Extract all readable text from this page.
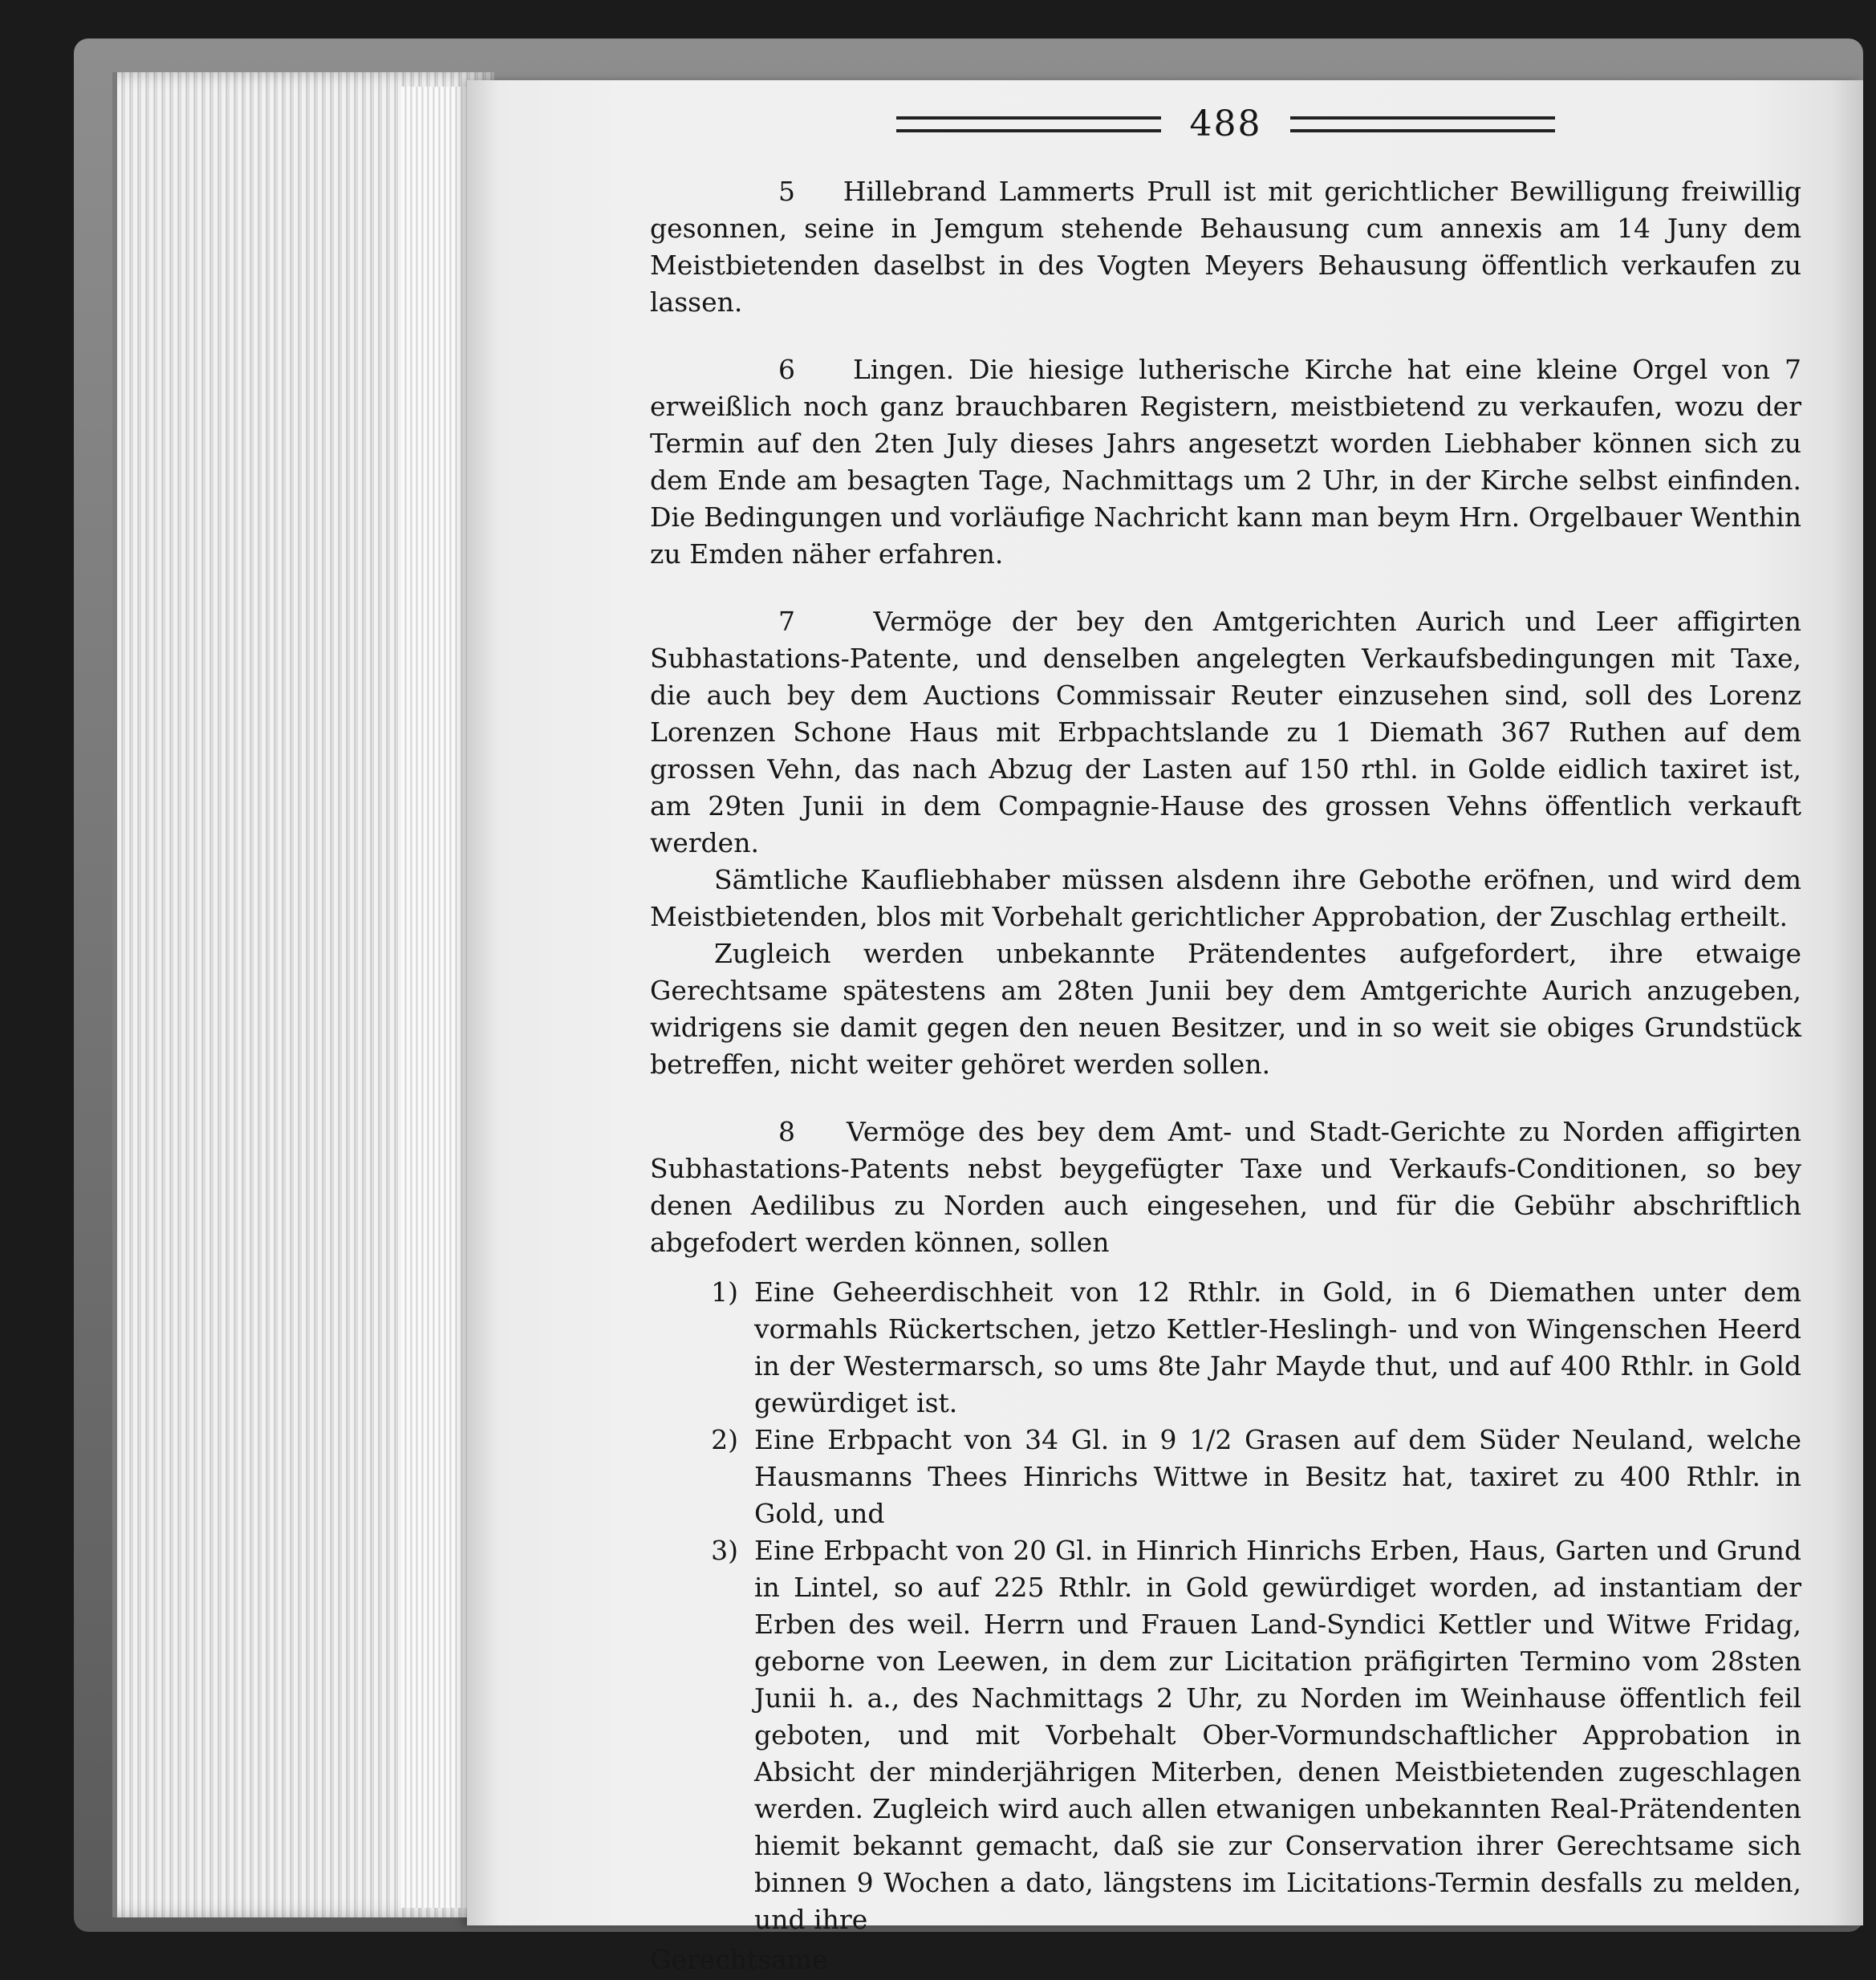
488

5 Hillebrand Lammerts Prull ist mit gerichtlicher Bewilligung freiwillig gesonnen, seine in Jemgum stehende Behausung cum annexis am 14 Juny dem Meistbietenden daselbst in des Vogten Meyers Behausung öffentlich verkaufen zu lassen.

6 Lingen. Die hiesige lutherische Kirche hat eine kleine Orgel von 7 erweißlich noch ganz brauchbaren Registern, meistbietend zu verkaufen, wozu der Termin auf den 2ten July dieses Jahrs angesetzt worden Liebhaber können sich zu dem Ende am besagten Tage, Nachmittags um 2 Uhr, in der Kirche selbst einfinden. Die Bedingungen und vorläufige Nachricht kann man beym Hrn. Orgelbauer Wenthin zu Emden näher erfahren.

7	Vermöge der bey den Amtgerichten Aurich und Leer affigirten Subhastations-Patente, und denselben angelegten Verkaufsbedingungen mit Taxe, die auch bey dem Auctions Commissair Reuter einzusehen sind, soll des Lorenz Lorenzen Schone Haus mit Erbpachtslande zu 1 Diemath 367 Ruthen auf dem grossen Vehn, das nach Abzug der Lasten auf 150 rthl. in Golde eidlich taxiret ist, am 29ten Junii in dem Compagnie-Hause des grossen Vehns öffentlich verkauft werden.

Sämtliche Kaufliebhaber müssen alsdenn ihre Gebothe eröfnen, und wird dem Meistbietenden, blos mit Vorbehalt gerichtlicher Approbation, der Zuschlag ertheilt.

Zugleich werden unbekannte Prätendentes aufgefordert, ihre etwaige Gerechtsame spätestens am 28ten Junii bey dem Amtgerichte Aurich anzugeben, widrigens sie damit gegen den neuen Besitzer, und in so weit sie obiges Grundstück betreffen, nicht weiter gehöret werden sollen.

8 Vermöge des bey dem Amt- und Stadt-Gerichte zu Norden affigirten Subhastations-Patents nebst beygefügter Taxe und Verkaufs-Conditionen, so bey denen Aedilibus zu Norden auch eingesehen, und für die Gebühr abschriftlich abgefodert werden können, sollen

1) Eine Geheerdischheit von 12 Rthlr. in Gold, in 6 Diemathen unter dem vormahls Rückertschen, jetzo Kettler-Heslingh- und von Wingenschen Heerd in der Westermarsch, so ums 8te Jahr Mayde thut, und auf 400 Rthlr. in Gold gewürdiget ist.
2) Eine Erbpacht von 34 Gl. in 9 1/2 Grasen auf dem Süder Neuland, welche Hausmanns Thees Hinrichs Wittwe in Besitz hat, taxiret zu 400 Rthlr. in Gold, und
3) Eine Erbpacht von 20 Gl. in Hinrich Hinrichs Erben, Haus, Garten und Grund in Lintel, so auf 225 Rthlr. in Gold gewürdiget worden, ad instantiam der Erben des weil. Herrn und Frauen Land-Syndici Kettler und Witwe Fridag, geborne von Leewen, in dem zur Licitation präfigirten Termino vom 28sten Junii h. a., des Nachmittags 2 Uhr, zu Norden im Weinhause öffentlich feil geboten, und mit Vorbehalt Ober-Vormundschaftlicher Approbation in Absicht der minderjährigen Miterben, denen Meistbietenden zugeschlagen werden. Zugleich wird auch allen etwanigen unbekannten Real-Prätendenten hiemit bekannt gemacht, daß sie zur Conservation ihrer Gerechtsame sich binnen 9 Wochen a dato, längstens im Licitations-Termin desfalls zu melden, und ihre

Gerechtsame
